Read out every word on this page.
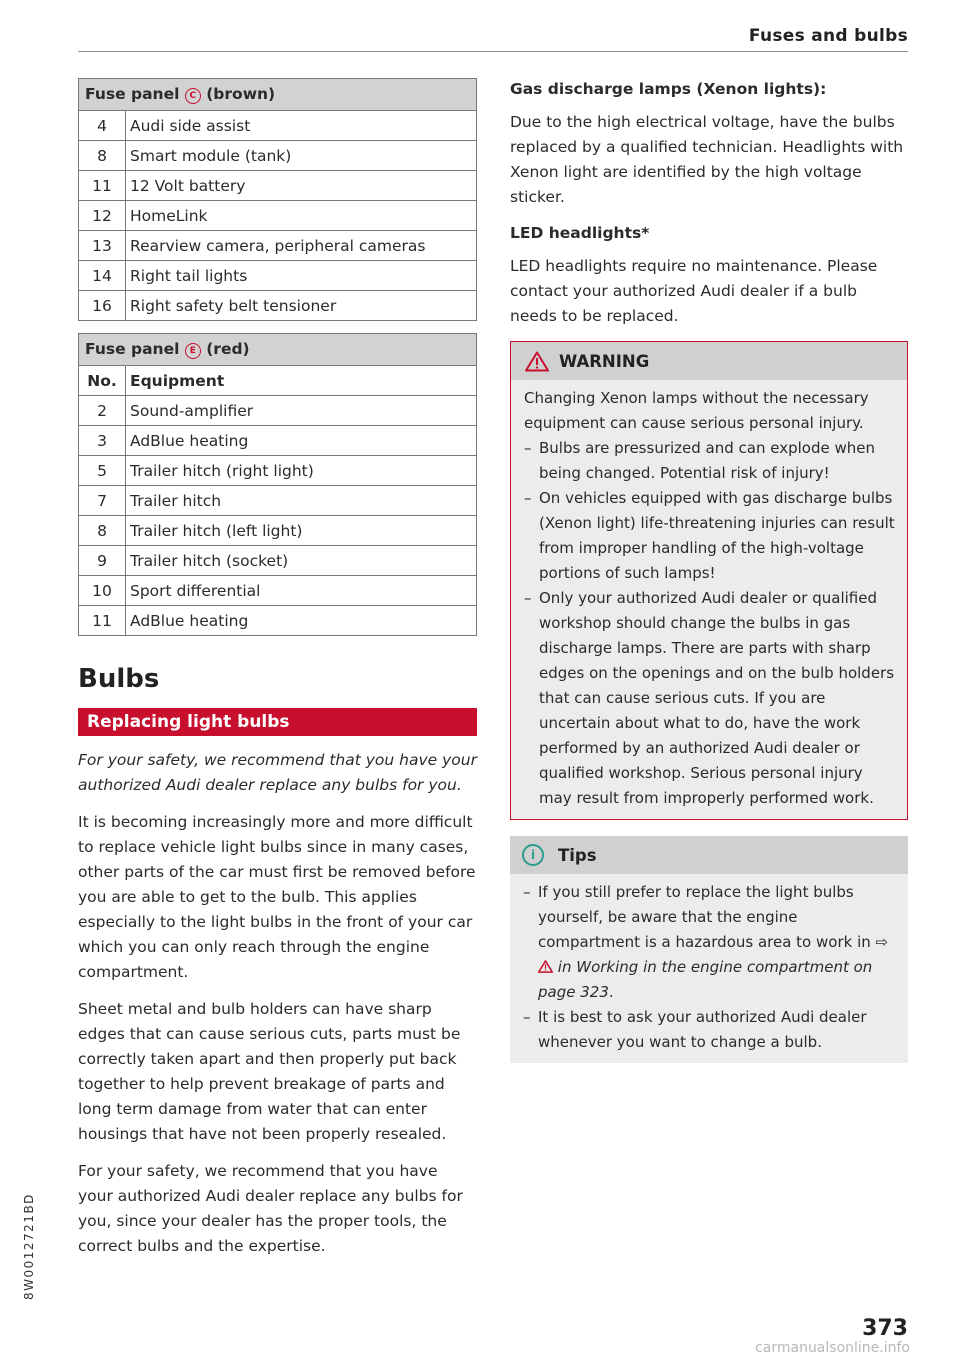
Fuses and bulbs
Fuse panel C (brown)	
4	Audi side assist
8	Smart module (tank)
11	12 Volt battery
12	HomeLink
13	Rearview camera, peripheral cameras
14	Right tail lights
16	Right safety belt tensioner

Fuse panel E (red)	
No.	Equipment
2	Sound-amplifier
3	AdBlue heating
5	Trailer hitch (right light)
7	Trailer hitch
8	Trailer hitch (left light)
9	Trailer hitch (socket)
10	Sport differential
11	AdBlue heating
Bulbs
Replacing light bulbs

For your safety, we recommend that you have your authorized Audi dealer replace any bulbs for you.

It is becoming increasingly more and more difficult to replace vehicle light bulbs since in many cases, other parts of the car must first be removed before you are able to get to the bulb. This applies especially to the light bulbs in the front of your car which you can only reach through the engine compartment.

Sheet metal and bulb holders can have sharp edges that can cause serious cuts, parts must be correctly taken apart and then properly put back together to help prevent breakage of parts and long term damage from water that can enter housings that have not been properly resealed.

For your safety, we recommend that you have your authorized Audi dealer replace any bulbs for you, since your dealer has the proper tools, the correct bulbs and the expertise.

Gas discharge lamps (Xenon lights):

Due to the high electrical voltage, have the bulbs replaced by a qualified technician. Headlights with Xenon light are identified by the high voltage sticker.

LED headlights*

LED headlights require no maintenance. Please contact your authorized Audi dealer if a bulb needs to be replaced.

WARNING
Changing Xenon lamps without the necessary equipment can cause serious personal injury.
– Bulbs are pressurized and can explode when being changed. Potential risk of injury!
– On vehicles equipped with gas discharge bulbs (Xenon light) life-threatening injuries can result from improper handling of the high-voltage portions of such lamps!
– Only your authorized Audi dealer or qualified workshop should change the bulbs in gas discharge lamps. There are parts with sharp edges on the openings and on the bulb holders that can cause serious cuts. If you are uncertain about what to do, have the work performed by an authorized Audi dealer or qualified workshop. Serious personal injury may result from improperly performed work.
i	Tips
– If you still prefer to replace the light bulbs yourself, be aware that the engine compartment is a hazardous area to work in ⇨  in Working in the engine compartment on page 323.
– It is best to ask your authorized Audi dealer whenever you want to change a bulb.
8W0012721BD
373
carmanualsonline.info
